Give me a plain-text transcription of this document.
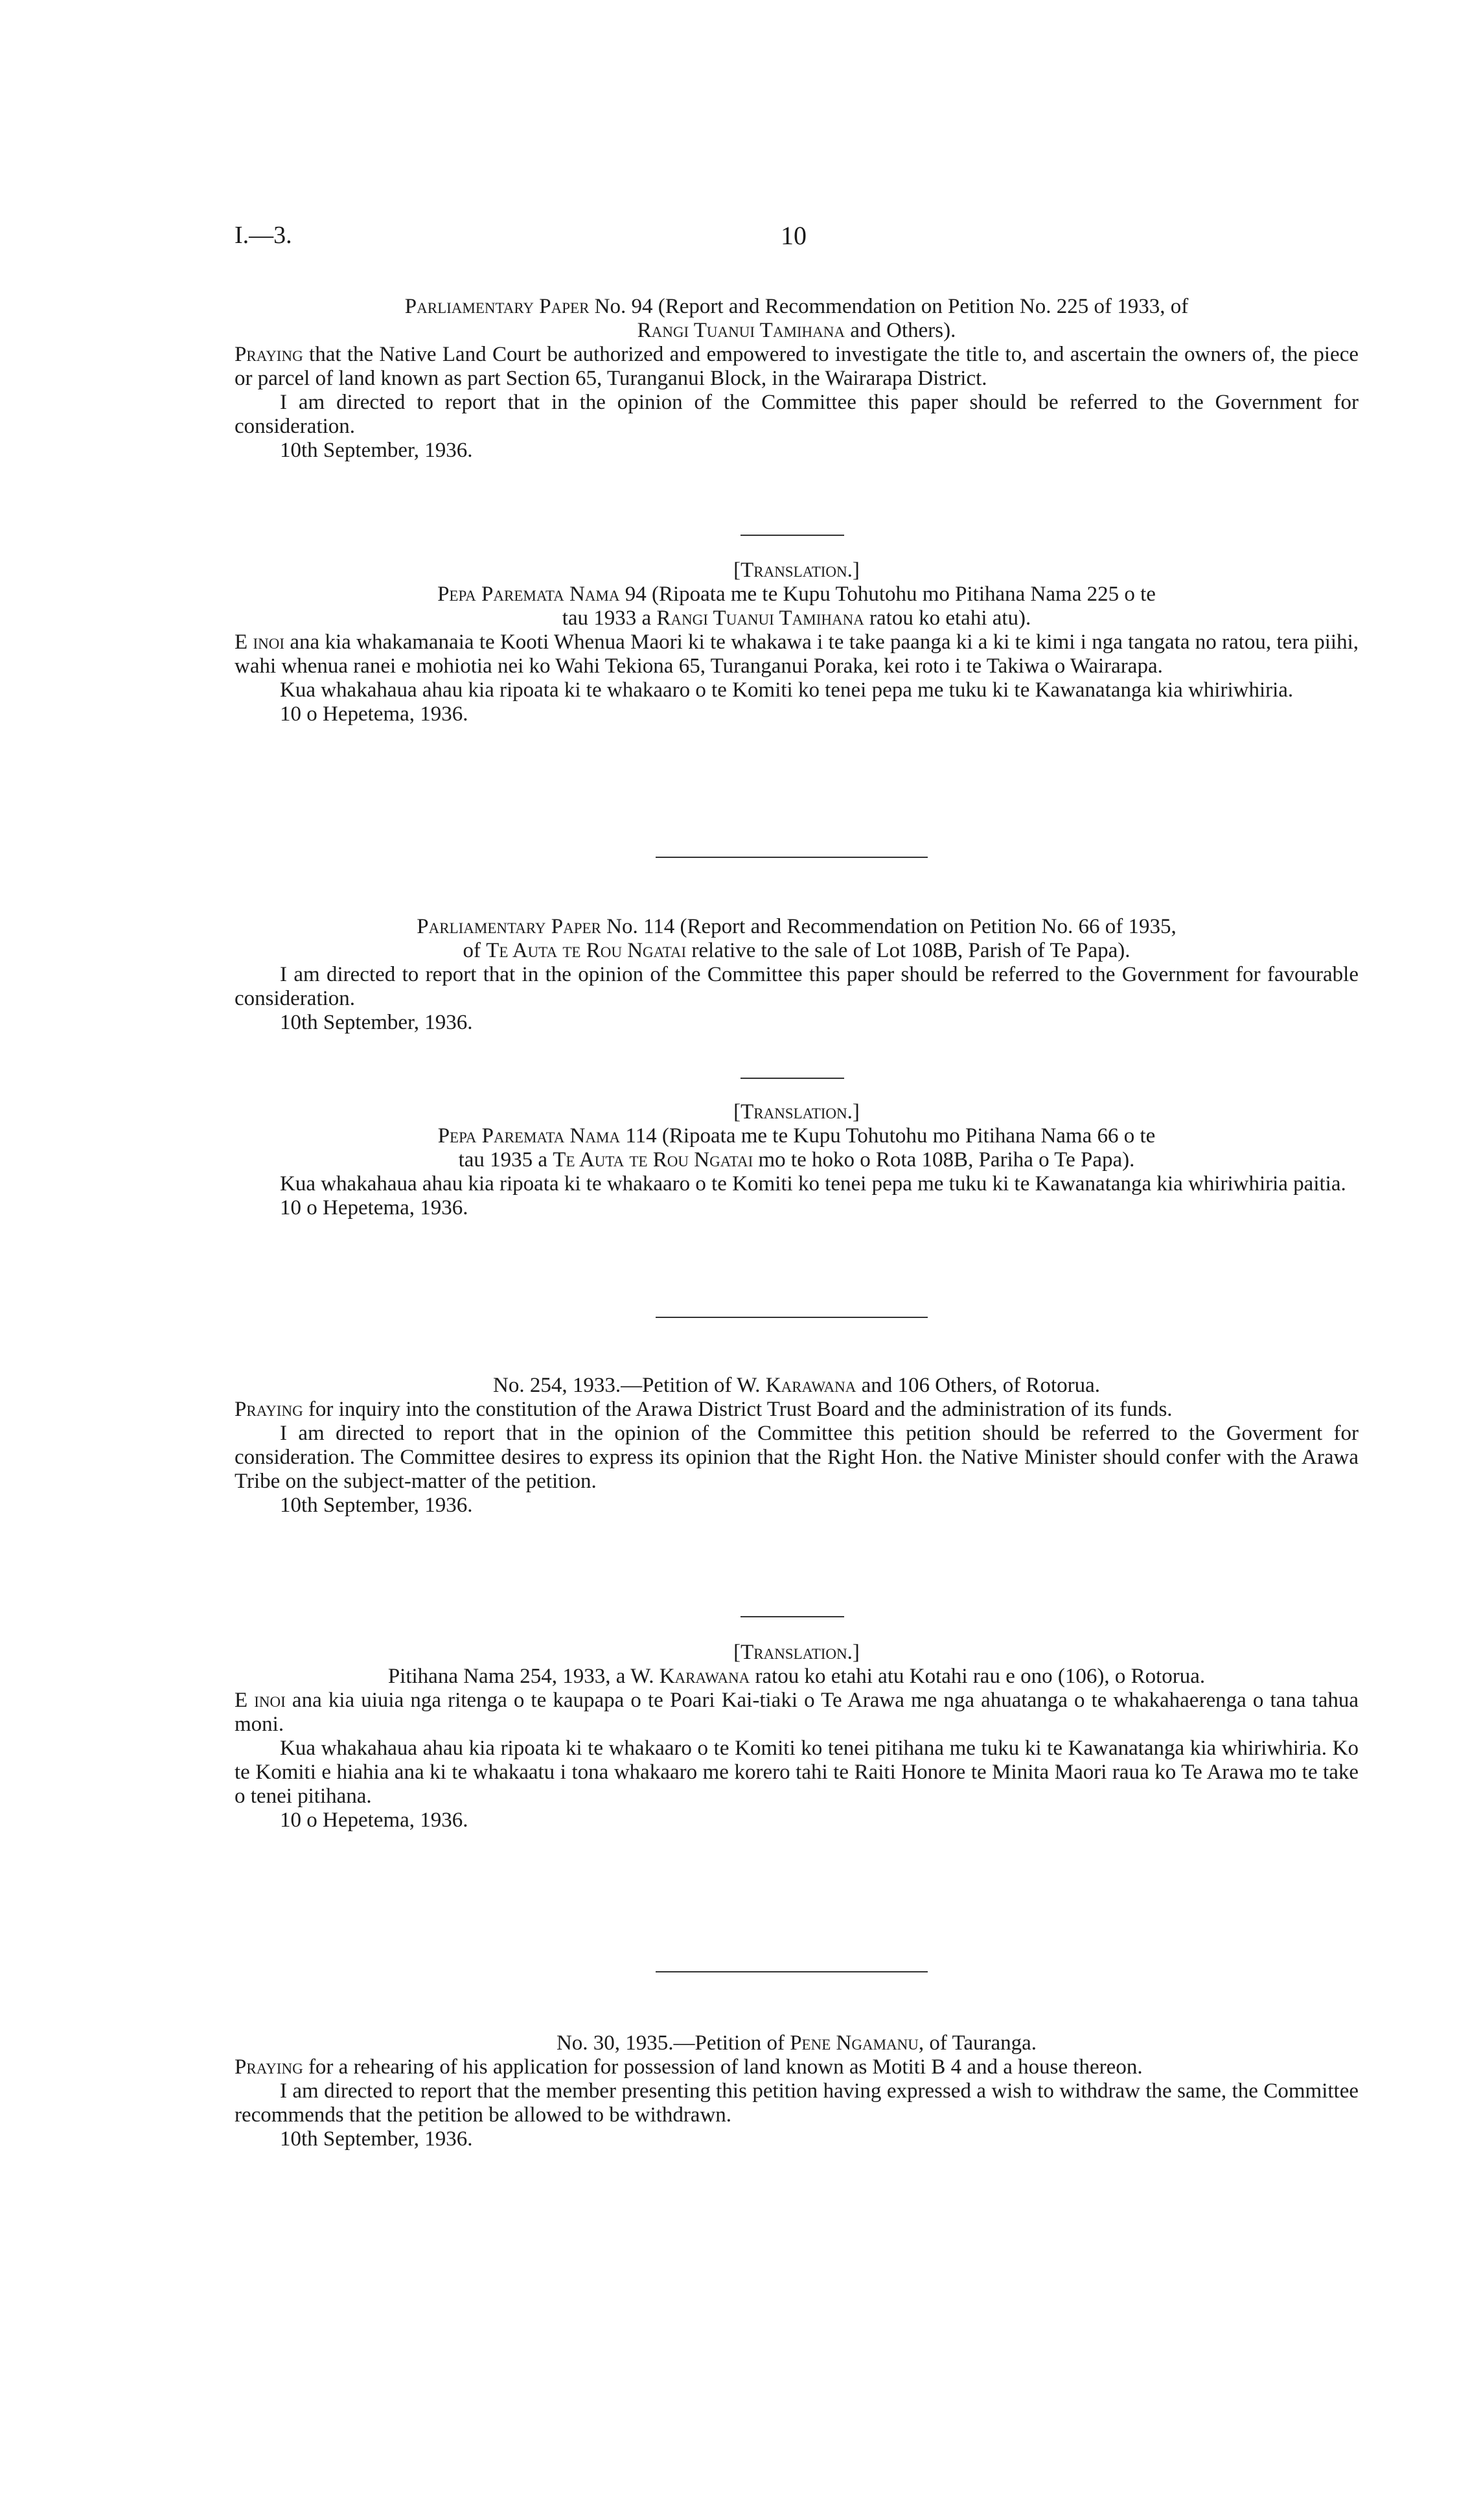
I.—3.	10

Parliamentary Paper No. 94 (Report and Recommendation on Petition No. 225 of 1933, of
Rangi Tuanui Tamihana and Others).

Praying that the Native Land Court be authorized and empowered to investigate the title to, and ascertain the owners of, the piece or parcel of land known as part Section 65, Turanganui Block, in the Wairarapa District.

I am directed to report that in the opinion of the Committee this paper should be referred to the Government for consideration.

10th September, 1936.

[Translation.]

Pepa Paremata Nama 94 (Ripoata me te Kupu Tohutohu mo Pitihana Nama 225 o te
tau 1933 a Rangi Tuanui Tamihana ratou ko etahi atu).

E inoi ana kia whakamanaia te Kooti Whenua Maori ki te whakawa i te take paanga ki a ki te kimi i nga tangata no ratou, tera piihi, wahi whenua ranei e mohiotia nei ko Wahi Tekiona 65, Turanganui Poraka, kei roto i te Takiwa o Wairarapa.

Kua whakahaua ahau kia ripoata ki te whakaaro o te Komiti ko tenei pepa me tuku ki te Kawanatanga kia whiriwhiria.

10 o Hepetema, 1936.

Parliamentary Paper No. 114 (Report and Recommendation on Petition No. 66 of 1935,
of Te Auta te Rou Ngatai relative to the sale of Lot 108B, Parish of Te Papa).

I am directed to report that in the opinion of the Committee this paper should be referred to the Government for favourable consideration.

10th September, 1936.

[Translation.]

Pepa Paremata Nama 114 (Ripoata me te Kupu Tohutohu mo Pitihana Nama 66 o te
tau 1935 a Te Auta te Rou Ngatai mo te hoko o Rota 108B, Pariha o Te Papa).

Kua whakahaua ahau kia ripoata ki te whakaaro o te Komiti ko tenei pepa me tuku ki te Kawanatanga kia whiriwhiria paitia.

10 o Hepetema, 1936.

No. 254, 1933.—Petition of W. Karawana and 106 Others, of Rotorua.

Praying for inquiry into the constitution of the Arawa District Trust Board and the administration of its funds.

I am directed to report that in the opinion of the Committee this petition should be referred to the Goverment for consideration. The Committee desires to express its opinion that the Right Hon. the Native Minister should confer with the Arawa Tribe on the subject-matter of the petition.

10th September, 1936.

[Translation.]

Pitihana Nama 254, 1933, a W. Karawana ratou ko etahi atu Kotahi rau e ono (106), o Rotorua.

E inoi ana kia uiuia nga ritenga o te kaupapa o te Poari Kai-tiaki o Te Arawa me nga ahuatanga o te whakahaerenga o tana tahua moni.

Kua whakahaua ahau kia ripoata ki te whakaaro o te Komiti ko tenei pitihana me tuku ki te Kawanatanga kia whiriwhiria. Ko te Komiti e hiahia ana ki te whakaatu i tona whakaaro me korero tahi te Raiti Honore te Minita Maori raua ko Te Arawa mo te take o tenei pitihana.

10 o Hepetema, 1936.

No. 30, 1935.—Petition of Pene Ngamanu, of Tauranga.

Praying for a rehearing of his application for possession of land known as Motiti B 4 and a house thereon.

I am directed to report that the member presenting this petition having expressed a wish to withdraw the same, the Committee recommends that the petition be allowed to be withdrawn.

10th September, 1936.
